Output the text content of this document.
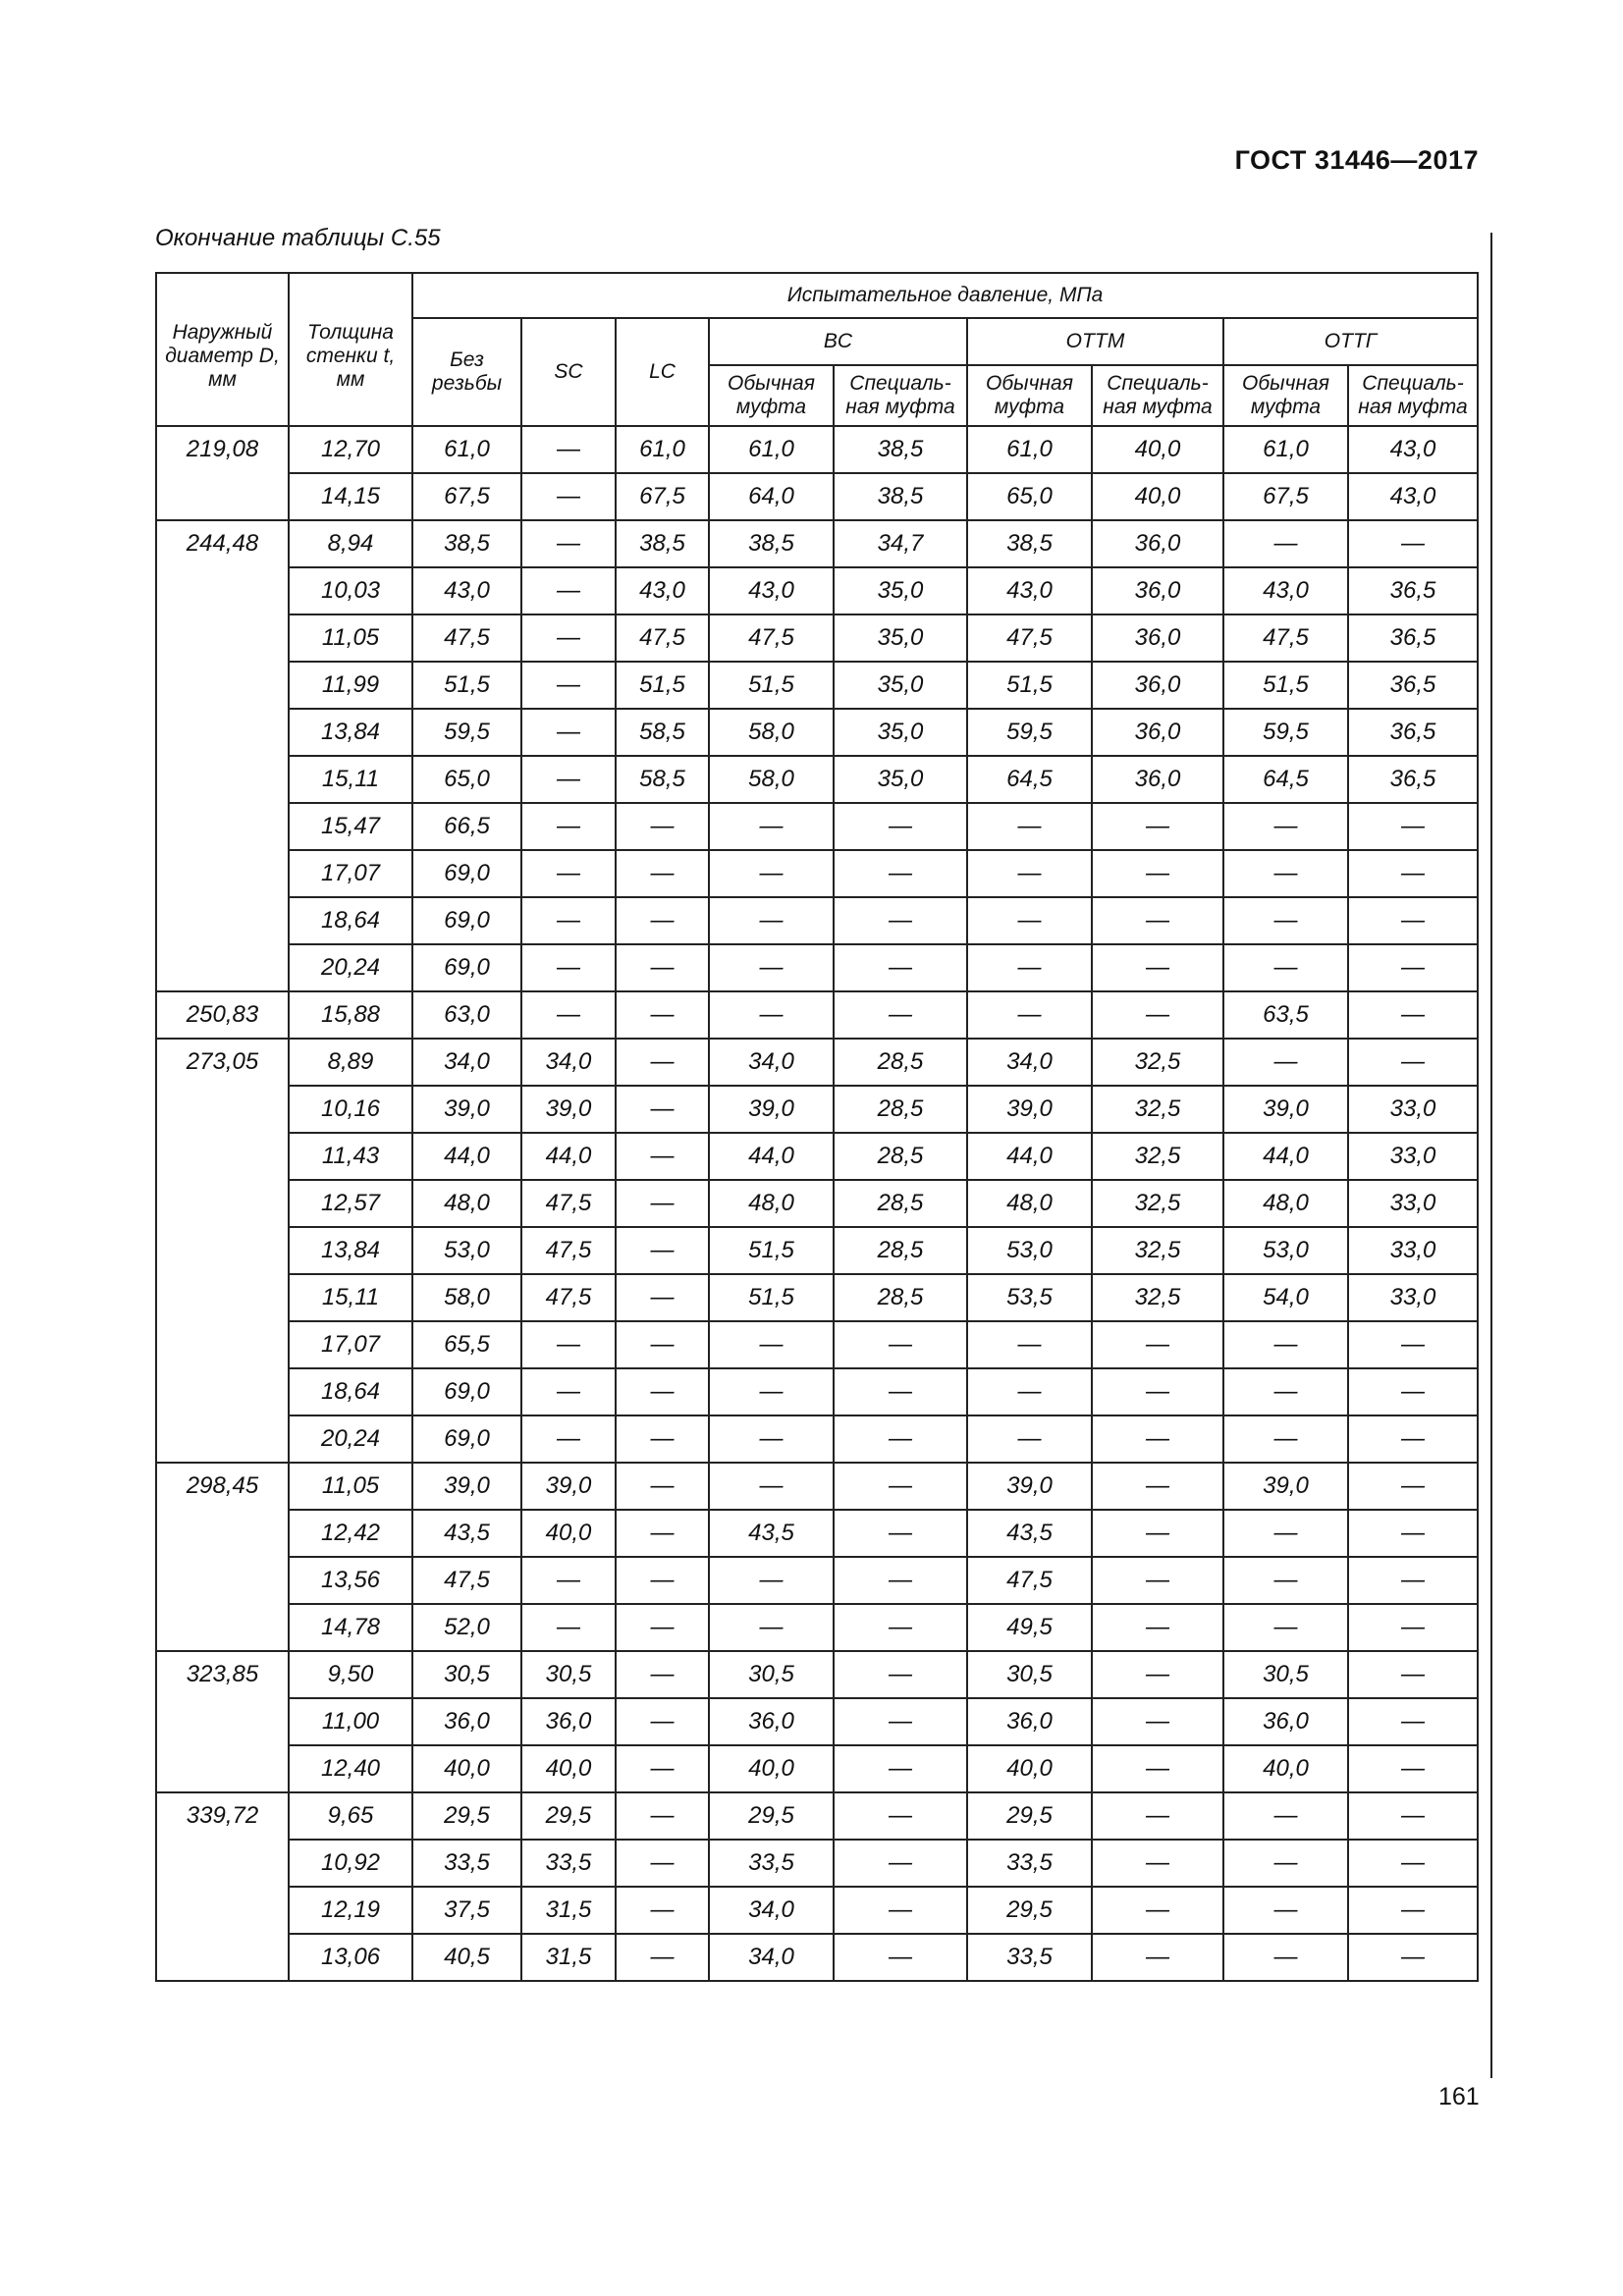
ГОСТ 31446—2017
Окончание таблицы С.55
Наружный диаметр D, мм	Толщина стенки t, мм	Испытательное давление, МПа								
		Без резьбы	SC	LC	BC		ОТТМ		ОТТГ	
					Обычная муфта	Специаль-ная муфта	Обычная муфта	Специаль-ная муфта	Обычная муфта	Специаль-ная муфта
219,08	12,70	61,0	—	61,0	61,0	38,5	61,0	40,0	61,0	43,0
	14,15	67,5	—	67,5	64,0	38,5	65,0	40,0	67,5	43,0
244,48	8,94	38,5	—	38,5	38,5	34,7	38,5	36,0	—	—
	10,03	43,0	—	43,0	43,0	35,0	43,0	36,0	43,0	36,5
	11,05	47,5	—	47,5	47,5	35,0	47,5	36,0	47,5	36,5
	11,99	51,5	—	51,5	51,5	35,0	51,5	36,0	51,5	36,5
	13,84	59,5	—	58,5	58,0	35,0	59,5	36,0	59,5	36,5
	15,11	65,0	—	58,5	58,0	35,0	64,5	36,0	64,5	36,5
	15,47	66,5	—	—	—	—	—	—	—	—
	17,07	69,0	—	—	—	—	—	—	—	—
	18,64	69,0	—	—	—	—	—	—	—	—
	20,24	69,0	—	—	—	—	—	—	—	—
250,83	15,88	63,0	—	—	—	—	—	—	63,5	—
273,05	8,89	34,0	34,0	—	34,0	28,5	34,0	32,5	—	—
	10,16	39,0	39,0	—	39,0	28,5	39,0	32,5	39,0	33,0
	11,43	44,0	44,0	—	44,0	28,5	44,0	32,5	44,0	33,0
	12,57	48,0	47,5	—	48,0	28,5	48,0	32,5	48,0	33,0
	13,84	53,0	47,5	—	51,5	28,5	53,0	32,5	53,0	33,0
	15,11	58,0	47,5	—	51,5	28,5	53,5	32,5	54,0	33,0
	17,07	65,5	—	—	—	—	—	—	—	—
	18,64	69,0	—	—	—	—	—	—	—	—
	20,24	69,0	—	—	—	—	—	—	—	—
298,45	11,05	39,0	39,0	—	—	—	39,0	—	39,0	—
	12,42	43,5	40,0	—	43,5	—	43,5	—	—	—
	13,56	47,5	—	—	—	—	47,5	—	—	—
	14,78	52,0	—	—	—	—	49,5	—	—	—
323,85	9,50	30,5	30,5	—	30,5	—	30,5	—	30,5	—
	11,00	36,0	36,0	—	36,0	—	36,0	—	36,0	—
	12,40	40,0	40,0	—	40,0	—	40,0	—	40,0	—
339,72	9,65	29,5	29,5	—	29,5	—	29,5	—	—	—
	10,92	33,5	33,5	—	33,5	—	33,5	—	—	—
	12,19	37,5	31,5	—	34,0	—	29,5	—	—	—
	13,06	40,5	31,5	—	34,0	—	33,5	—	—	—
161
